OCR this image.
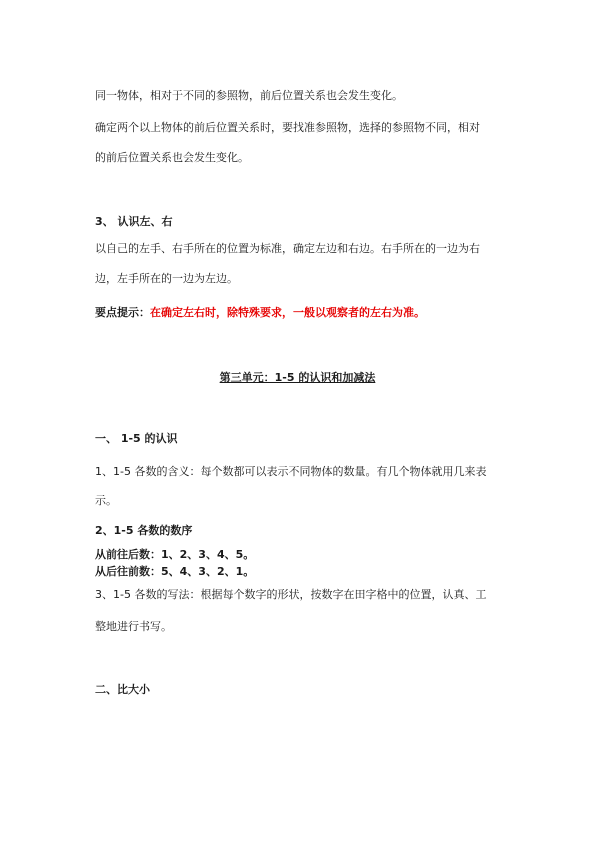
同一物体，相对于不同的参照物，前后位置关系也会发生变化。
确定两个以上物体的前后位置关系时，要找准参照物，选择的参照物不同，相对
的前后位置关系也会发生变化。
3、 认识左、右
以自己的左手、右手所在的位置为标准，确定左边和右边。右手所在的一边为右
边，左手所在的一边为左边。
要点提示：在确定左右时，除特殊要求，一般以观察者的左右为准。
第三单元：1-5 的认识和加减法
一、 1-5 的认识
1、1-5 各数的含义：每个数都可以表示不同物体的数量。有几个物体就用几来表
示。
2、1-5 各数的数序
从前往后数：1、2、3、4、5。
从后往前数：5、4、3、2、1。
3、1-5 各数的写法：根据每个数字的形状，按数字在田字格中的位置，认真、工
整地进行书写。
二、比大小
